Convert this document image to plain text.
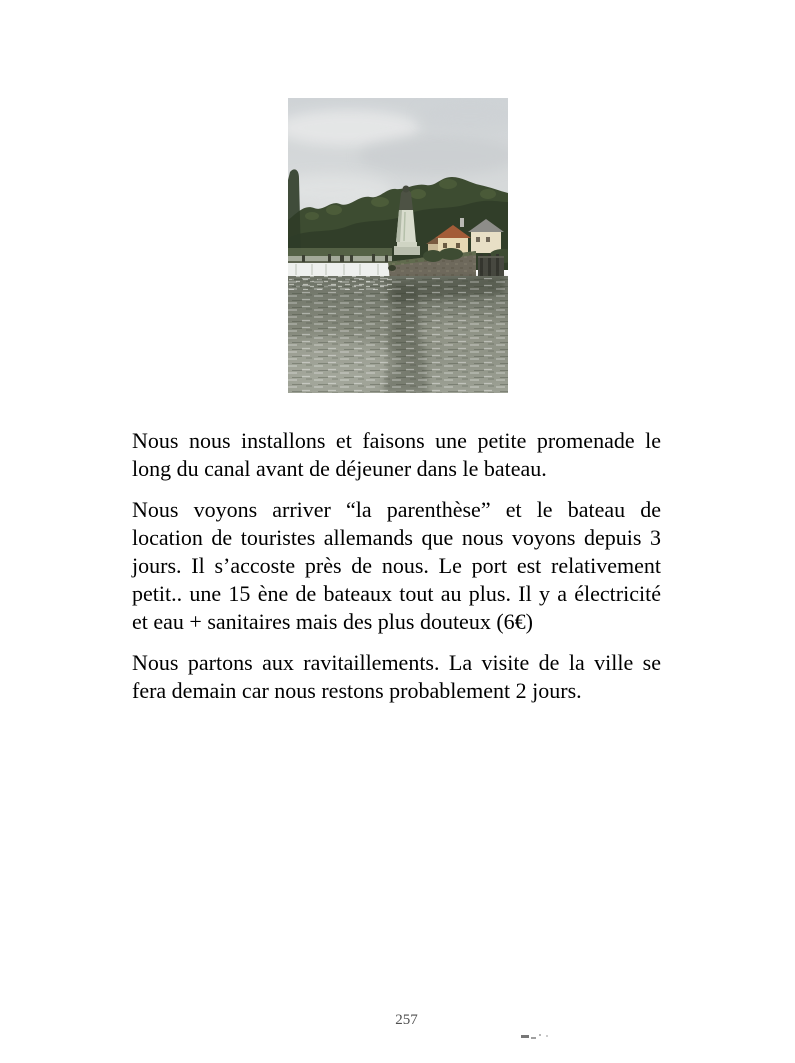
Nous nous installons et faisons une petite promenade le
long du canal avant de déjeuner dans le bateau.
Nous voyons arriver “la parenthèse” et le bateau de
location de touristes allemands que nous voyons depuis 3
jours. Il s’accoste près de nous. Le port est relativement
petit.. une 15 ène de bateaux tout au plus. Il y a électricité
et eau + sanitaires mais des plus douteux (6€)
Nous partons aux ravitaillements. La visite de la ville se
fera demain car nous restons probablement 2 jours.
257
